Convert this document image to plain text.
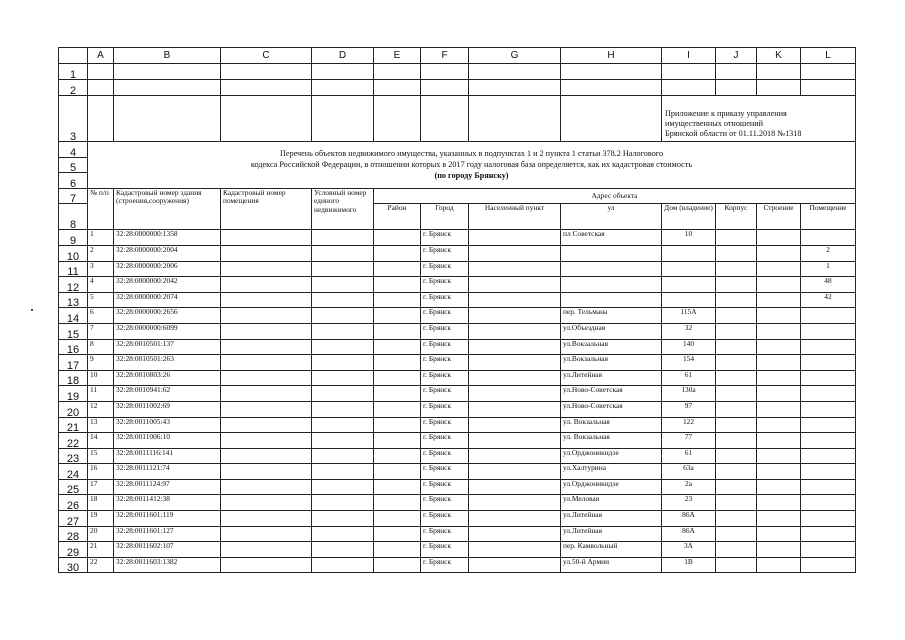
	A	B	C	D	E	F	G	H	I	J	K	L
1												
2												
3									Приложение к приказу управления
имущественных отношений
Брянской области от 01.11.2018 №1318			

4	Перечень объектов недвижимого имущества, указанных в подпунктах 1 и 2 пункта 1 статьи 378.2 Налогового
кодекса Российской Федерации, в отношении которых в 2017 году налоговая база определяется, как их кадастровая стоимость
(по городу Брянску)											

5												
6												
7	№ п/п	Кадастровый номер здания (строения,сооружения)	Кадастровый номер помещения	Условный номер единого недвижимого	Адрес объекта							
8					Район	Город	Населенный пункт	ул	Дом (владение)	Корпус	Строение	Помещение
9	1	32:28:0000000:1358				г. Брянск		пл Советская	10			
10	2	32:28:0000000:2004				г. Брянск						2
11	3	32:28:0000000:2006				г. Брянск						1
12	4	32:28:0000000:2042				г. Брянск						48
13	5	32:28:0000000:2074				г. Брянск						42
14	6	32:28:0000000:2656				г. Брянск		пер. Тельмана	115А			
15	7	32:28:0000000:6099				г. Брянск		ул.Объездная	32			
16	8	32:28:0010501:137				г. Брянск		ул.Вокзальная	140			
17	9	32:28:0010501:263				г. Брянск		ул.Вокзальная	154			
18	10	32:28:0010803:26				г. Брянск		ул.Литейная	61			
19	11	32:28:0010941:62				г. Брянск		ул.Ново-Советская	130а			
20	12	32:28:0011002:69				г. Брянск		ул.Ново-Советская	97			
21	13	32:28:0011005:43				г. Брянск		ул. Вокзальная	122			
22	14	32:28:0011006:10				г. Брянск		ул. Вокзальная	77			
23	15	32:28:0011116:141				г. Брянск		ул.Орджоникидзе	61			
24	16	32:28:0011121:74				г. Брянск		ул.Халтурина	63а			
25	17	32:28:0011124:97				г. Брянск		ул.Орджоникидзе	2а			
26	18	32:28:0011412:38				г. Брянск		ул.Меловая	23			
27	19	32:28:0011601:119				г. Брянск		ул.Литейная	86А			
28	20	32:28:0011601:127				г. Брянск		ул.Литейная	86А			
29	21	32:28:0011602:107				г. Брянск		пер. Камвольный	3А			
30	22	32:28:0011603:1382				г. Брянск		ул.50-й Армии	1В			
